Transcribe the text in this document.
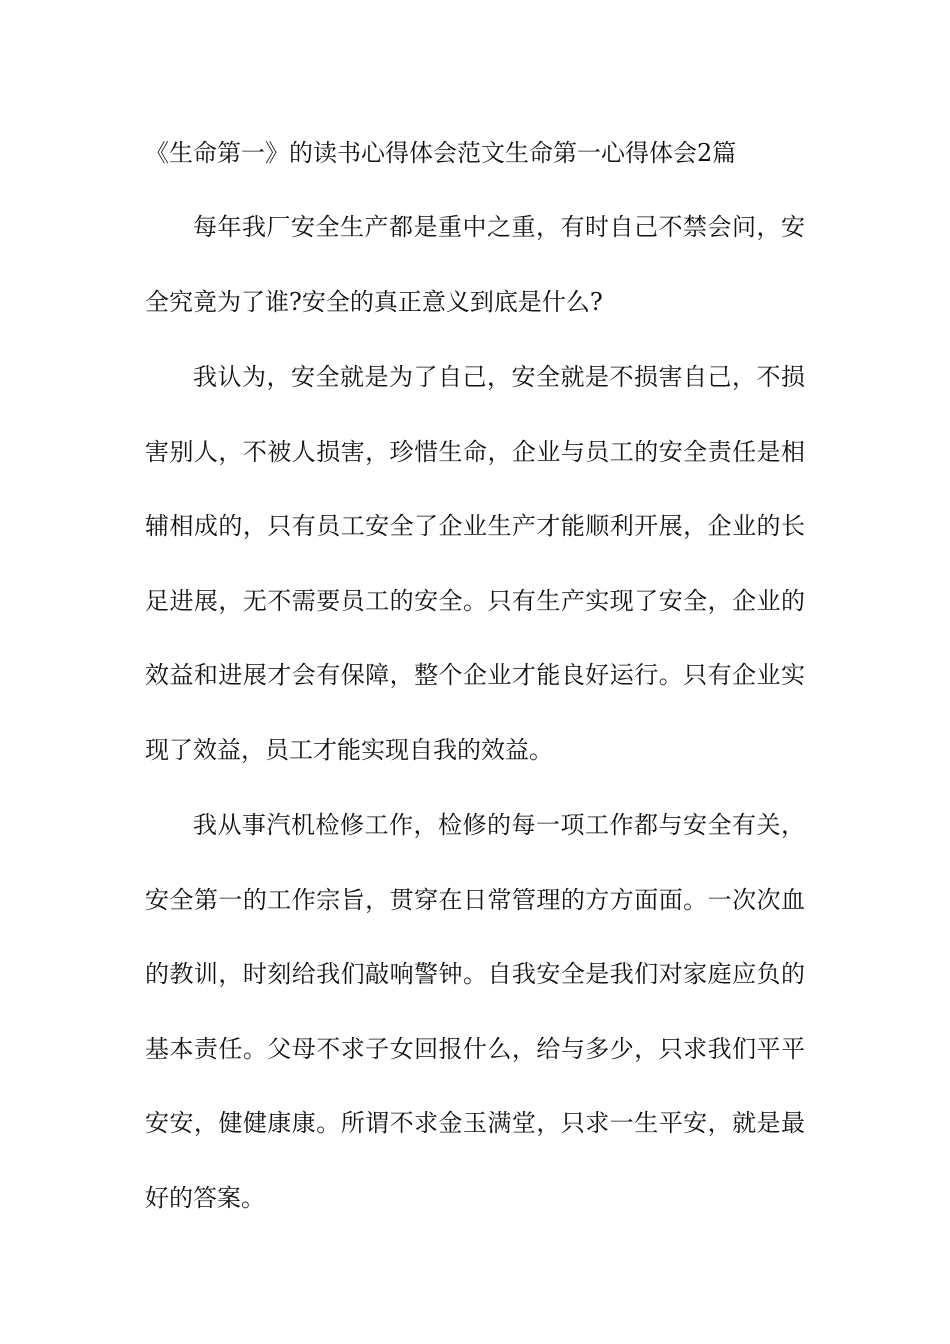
《生命第一》的读书心得体会范文生命第一心得体会2篇

每年我厂安全生产都是重中之重，有时自己不禁会问，安全究竟为了谁?安全的真正意义到底是什么?

我认为，安全就是为了自己，安全就是不损害自己，不损害别人，不被人损害，珍惜生命，企业与员工的安全责任是相辅相成的，只有员工安全了企业生产才能顺利开展，企业的长足进展，无不需要员工的安全。只有生产实现了安全，企业的效益和进展才会有保障，整个企业才能良好运行。只有企业实现了效益，员工才能实现自我的效益。

我从事汽机检修工作，检修的每一项工作都与安全有关，安全第一的工作宗旨，贯穿在日常管理的方方面面。一次次血的教训，时刻给我们敲响警钟。自我安全是我们对家庭应负的基本责任。父母不求子女回报什么，给与多少，只求我们平平安安，健健康康。所谓不求金玉满堂，只求一生平安，就是最好的答案。
